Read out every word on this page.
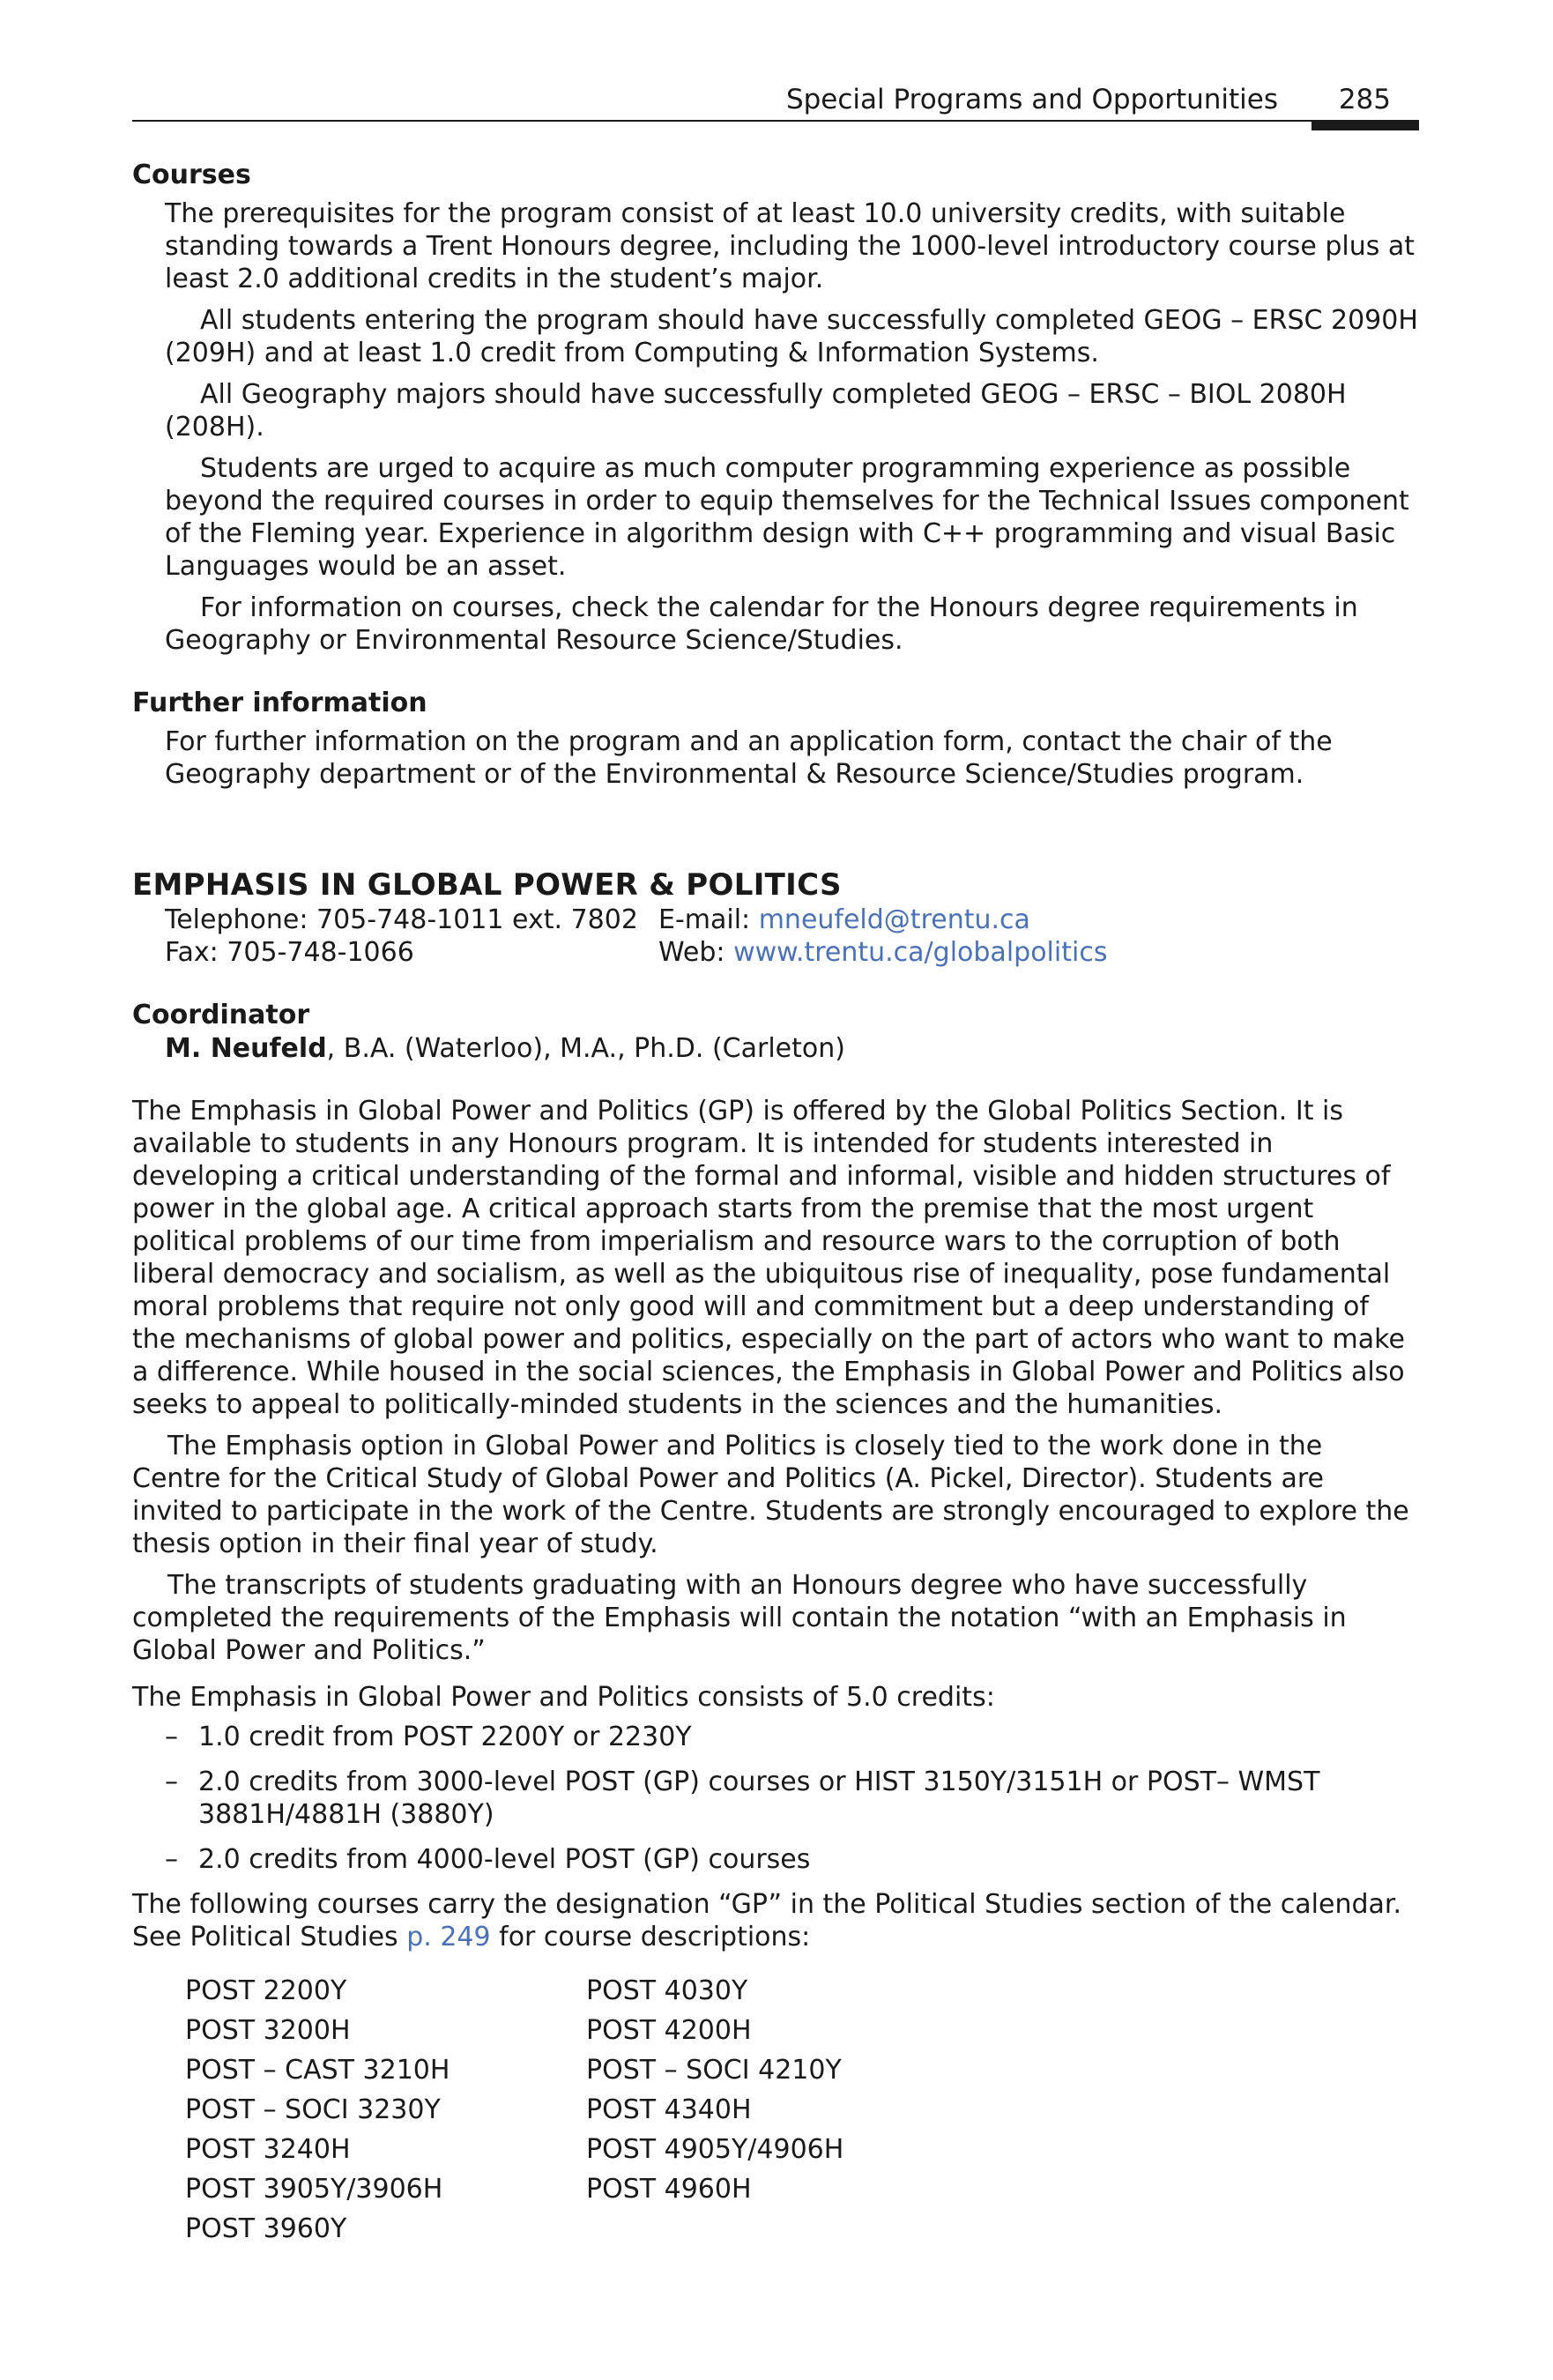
Special Programs and Opportunities 285
Courses

The prerequisites for the program consist of at least 10.0 university credits, with suitable standing towards a Trent Honours degree, including the 1000-level introductory course plus at least 2.0 additional credits in the student’s major.

All students entering the program should have successfully completed GEOG – ERSC 2090H (209H) and at least 1.0 credit from Computing & Information Systems.

All Geography majors should have successfully completed GEOG – ERSC – BIOL 2080H (208H).

Students are urged to acquire as much computer programming experience as possible beyond the required courses in order to equip themselves for the Technical Issues component of the Fleming year. Experience in algorithm design with C++ programming and visual Basic Languages would be an asset.

For information on courses, check the calendar for the Honours degree requirements in Geography or Environmental Resource Science/Studies.

Further information

For further information on the program and an application form, contact the chair of the Geography department or of the Environmental & Resource Science/Studies program.

EMPHASIS IN GLOBAL POWER & POLITICS
Telephone: 705-748-1011 ext. 7802 E-mail: mneufeld@trentu.ca
Fax: 705-748-1066	Web: www.trentu.ca/globalpolitics
Coordinator
M. Neufeld, B.A. (Waterloo), M.A., Ph.D. (Carleton)

The Emphasis in Global Power and Politics (GP) is offered by the Global Politics Section. It is available to students in any Honours program. It is intended for students interested in developing a critical understanding of the formal and informal, visible and hidden structures of power in the global age. A critical approach starts from the premise that the most urgent political problems of our time from imperialism and resource wars to the corruption of both liberal democracy and socialism, as well as the ubiquitous rise of inequality, pose fundamental moral problems that require not only good will and commitment but a deep understanding of the mechanisms of global power and politics, especially on the part of actors who want to make a difference. While housed in the social sciences, the Emphasis in Global Power and Politics also seeks to appeal to politically-minded students in the sciences and the humanities.

The Emphasis option in Global Power and Politics is closely tied to the work done in the Centre for the Critical Study of Global Power and Politics (A. Pickel, Director). Students are invited to participate in the work of the Centre. Students are strongly encouraged to explore the thesis option in their final year of study.

The transcripts of students graduating with an Honours degree who have successfully completed the requirements of the Emphasis will contain the notation “with an Emphasis in Global Power and Politics.”

The Emphasis in Global Power and Politics consists of 5.0 credits:

– 1.0 credit from POST 2200Y or 2230Y
– 2.0 credits from 3000-level POST (GP) courses or HIST 3150Y/3151H or POST– WMST 3881H/4881H (3880Y)
– 2.0 credits from 4000-level POST (GP) courses

The following courses carry the designation “GP” in the Political Studies section of the calendar. See Political Studies p. 249 for course descriptions:

POST 2200Y
POST 3200H
POST – CAST 3210H
POST – SOCI 3230Y
POST 3240H
POST 3905Y/3906H
POST 3960Y
POST 4030Y
POST 4200H
POST – SOCI 4210Y
POST 4340H
POST 4905Y/4906H
POST 4960H
